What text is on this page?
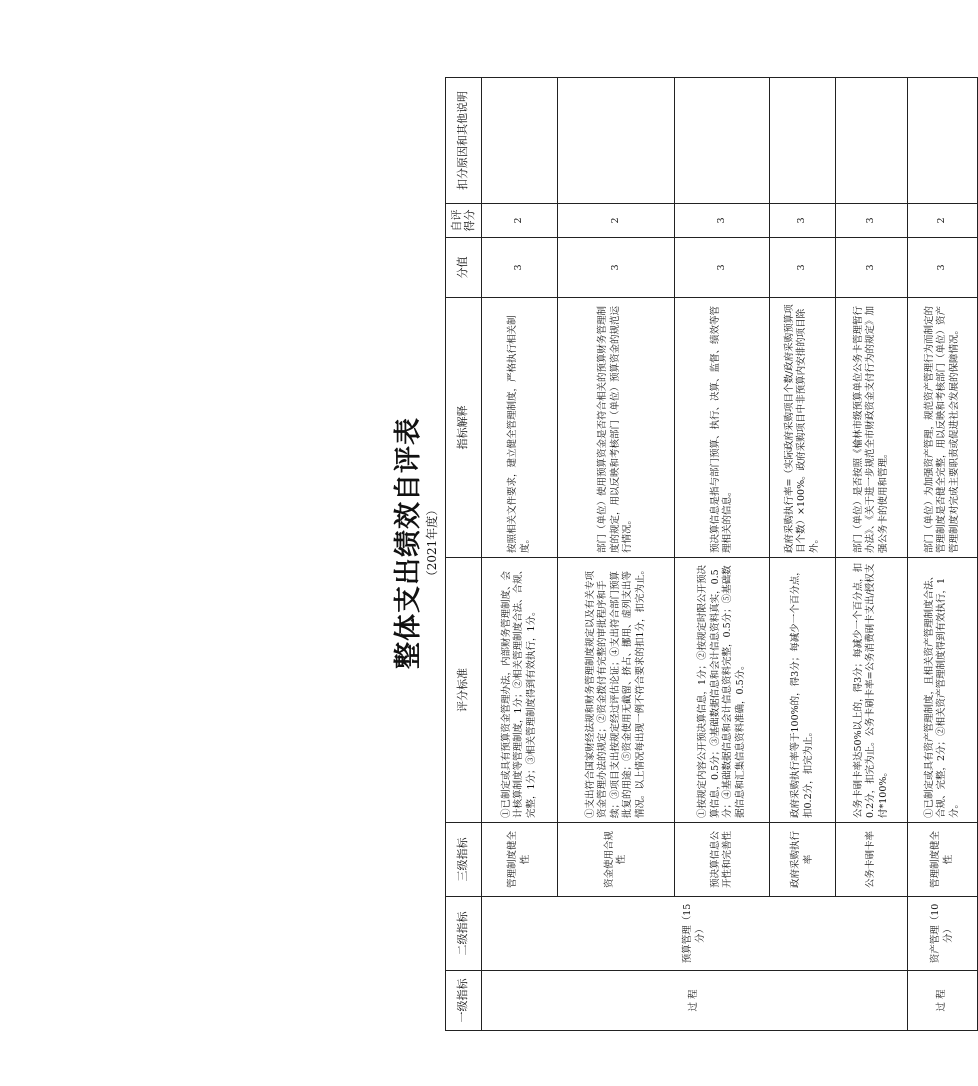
整体支出绩效自评表 （2021年度）
一级指标	二级指标	三级指标	评分标准	指标解释	分值	自评得分	扣分原因和其他说明
过 程	预算管理（15分）	管理制度健全性	①已制定或具有预算资金管理办法，内部财务管理制度、会计核算制度等管理制度，1分；②相关管理制度合法、合规、完整，1分；③相关管理制度得到有效执行，1分。	按照相关文件要求，建立健全管理制度，严格执行相关制度。	3	2	
		资金使用合规性	①支出符合国家财经法规和财务管理制度规定以及有关专项资金管理办法的规定；②资金拨付有完整的审批程序和手续；③项目支出按规定经过评估论证；④支出符合部门预算批复的用途；⑤资金使用无截留、挤占、挪用、虚列支出等情况。以上情况每出现一例不符合要求的扣1分，扣完为止。	部门（单位）使用预算资金是否符合相关的预算财务管理制度的规定，用以反映和考核部门（单位）预算资金的规范运行情况。	3	2	
		预决算信息公开性和完善性	①按规定内容公开预决算信息，1分；②按规定时限公开预决算信息，0.5分；③基础数据信息和会计信息资料真实，0.5分；④基础数据信息和会计信息资料完整，0.5分；⑤基础数据信息和汇集信息资料准确，0.5分。	预决算信息是指与部门预算、执行、决算、监督、绩效等管理相关的信息。	3	3	
		政府采购执行率	政府采购执行率等于100%的，得3分；每减少一个百分点，扣0.2分，扣完为止。	政府采购执行率=（实际政府采购项目个数/政府采购预算项目个数）×100%。政府采购项目中非预算内安排的项目除外。	3	3	
		公务卡刷卡率	公务卡刷卡率达50%以上的，得3分；每减少一个百分点，扣0.2分，扣完为止。公务卡刷卡率=公务消费刷卡支出/授权支付*100%。	部门（单位）是否按照《榆林市级预算单位公务卡管理暂行办法》、《关于进一步规范全市财政资金支付行为的规定》加强公务卡的使用和管理。	3	3	
过 程	资产管理（10分）	管理制度健全性	①已制定或具有资产管理制度，且相关资产管理制度合法、合规、完整，2分；②相关资产管理制度得到有效执行，1分。	部门（单位）为加强资产管理，规范资产管理行为而制定的管理制度是否健全完整，用以反映和考核部门（单位）资产管理制度对完成主要职责或促进社会发展的保障情况。	3	2	
